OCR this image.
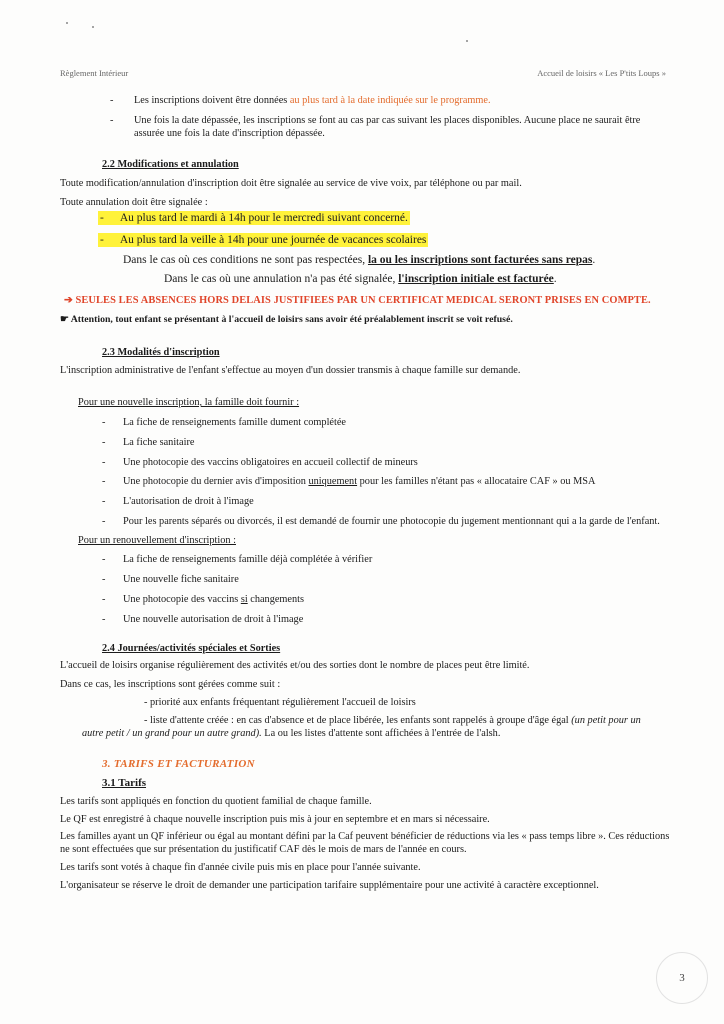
Règlement Intérieur	Accueil de loisirs « Les P'tits Loups »
- Les inscriptions doivent être données au plus tard à la date indiquée sur le programme.
- Une fois la date dépassée, les inscriptions se font au cas par cas suivant les places disponibles. Aucune place ne saurait être
assurée une fois la date d'inscription dépassée.
2.2 Modifications et annulation
Toute modification/annulation d'inscription doit être signalée au service de vive voix, par téléphone ou par mail.
Toute annulation doit être signalée :
- Au plus tard le mardi à 14h pour le mercredi suivant concerné.
- Au plus tard la veille à 14h pour une journée de vacances scolaires
Dans le cas où ces conditions ne sont pas respectées, la ou les inscriptions sont facturées sans repas.
Dans le cas où une annulation n'a pas été signalée, l'inscription initiale est facturée.
➔ SEULES LES ABSENCES HORS DELAIS JUSTIFIEES PAR UN CERTIFICAT MEDICAL SERONT PRISES EN COMPTE.
☛ Attention, tout enfant se présentant à l'accueil de loisirs sans avoir été préalablement inscrit se voit refusé.
2.3 Modalités d'inscription
L'inscription administrative de l'enfant s'effectue au moyen d'un dossier transmis à chaque famille sur demande.
Pour une nouvelle inscription, la famille doit fournir :
- La fiche de renseignements famille dument complétée
- La fiche sanitaire
- Une photocopie des vaccins obligatoires en accueil collectif de mineurs
- Une photocopie du dernier avis d'imposition uniquement pour les familles n'étant pas « allocataire CAF » ou MSA
- L'autorisation de droit à l'image
- Pour les parents séparés ou divorcés, il est demandé de fournir une photocopie du jugement mentionnant qui a la garde de l'enfant.
Pour un renouvellement d'inscription :
- La fiche de renseignements famille déjà complétée à vérifier
- Une nouvelle fiche sanitaire
- Une photocopie des vaccins si changements
- Une nouvelle autorisation de droit à l'image
2.4 Journées/activités spéciales et Sorties
L'accueil de loisirs organise régulièrement des activités et/ou des sorties dont le nombre de places peut être limité.
Dans ce cas, les inscriptions sont gérées comme suit :
- priorité aux enfants fréquentant régulièrement l'accueil de loisirs
- liste d'attente créée : en cas d'absence et de place libérée, les enfants sont rappelés à groupe d'âge égal (un petit pour un
autre petit / un grand pour un autre grand). La ou les listes d'attente sont affichées à l'entrée de l'alsh.
3. TARIFS ET FACTURATION
3.1 Tarifs
Les tarifs sont appliqués en fonction du quotient familial de chaque famille.
Le QF est enregistré à chaque nouvelle inscription puis mis à jour en septembre et en mars si nécessaire.
Les familles ayant un QF inférieur ou égal au montant défini par la Caf peuvent bénéficier de réductions via les « pass temps libre ». Ces réductions
ne sont effectuées que sur présentation du justificatif CAF dès le mois de mars de l'année en cours.
Les tarifs sont votés à chaque fin d'année civile puis mis en place pour l'année suivante.
L'organisateur se réserve le droit de demander une participation tarifaire supplémentaire pour une activité à caractère exceptionnel.
3
